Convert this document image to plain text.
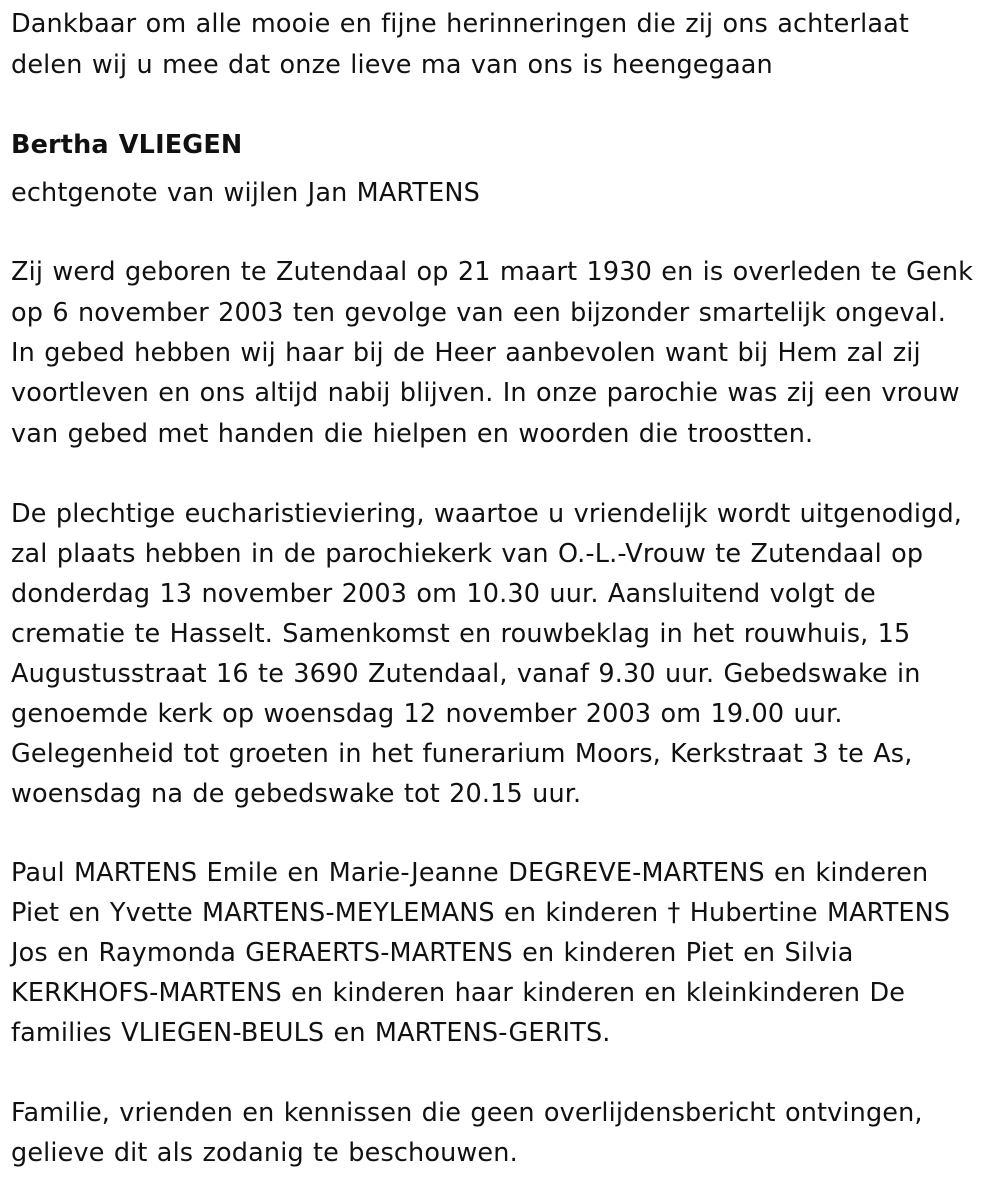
Dankbaar om alle mooie en fijne herinneringen die zij ons achterlaat
delen wij u mee dat onze lieve ma van ons is heengegaan
Bertha VLIEGEN
echtgenote van wijlen Jan MARTENS
Zij werd geboren te Zutendaal op 21 maart 1930 en is overleden te Genk
op 6 november 2003 ten gevolge van een bijzonder smartelijk ongeval.
In gebed hebben wij haar bij de Heer aanbevolen want bij Hem zal zij
voortleven en ons altijd nabij blijven. In onze parochie was zij een vrouw
van gebed met handen die hielpen en woorden die troostten.
De plechtige eucharistieviering, waartoe u vriendelijk wordt uitgenodigd,
zal plaats hebben in de parochiekerk van O.-L.-Vrouw te Zutendaal op
donderdag 13 november 2003 om 10.30 uur. Aansluitend volgt de
crematie te Hasselt. Samenkomst en rouwbeklag in het rouwhuis, 15
Augustusstraat 16 te 3690 Zutendaal, vanaf 9.30 uur. Gebedswake in
genoemde kerk op woensdag 12 november 2003 om 19.00 uur.
Gelegenheid tot groeten in het funerarium Moors, Kerkstraat 3 te As,
woensdag na de gebedswake tot 20.15 uur.
Paul MARTENS Emile en Marie-Jeanne DEGREVE-MARTENS en kinderen
Piet en Yvette MARTENS-MEYLEMANS en kinderen † Hubertine MARTENS
Jos en Raymonda GERAERTS-MARTENS en kinderen Piet en Silvia
KERKHOFS-MARTENS en kinderen haar kinderen en kleinkinderen De
families VLIEGEN-BEULS en MARTENS-GERITS.
Familie, vrienden en kennissen die geen overlijdensbericht ontvingen,
gelieve dit als zodanig te beschouwen.
